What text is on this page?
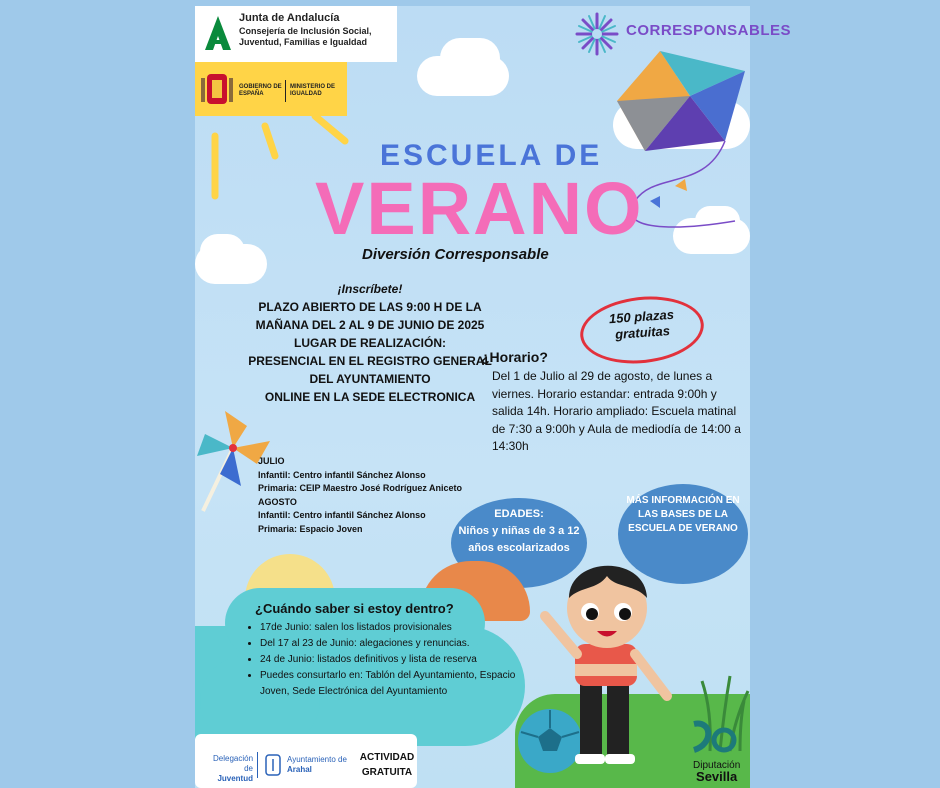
Junta de Andalucía
Consejería de Inclusión Social, Juventud, Familias e Igualdad
GOBIERNO DE ESPAÑA
MINISTERIO DE IGUALDAD
CORRESPONSABLES
ESCUELA DE
VERANO
Diversión Corresponsable
¡Inscríbete!
PLAZO ABIERTO DE LAS 9:00 H DE LA
MAÑANA DEL 2 AL 9 DE JUNIO DE 2025
LUGAR DE REALIZACIÓN:
PRESENCIAL EN EL REGISTRO GENERAL
DEL AYUNTAMIENTO
ONLINE EN LA SEDE ELECTRONICA
150 plazas gratuitas
¿Horario?
Del 1 de Julio al 29 de agosto, de lunes a viernes. Horario estandar: entrada 9:00h y salida 14h. Horario ampliado: Escuela matinal de 7:30 a 9:00h y Aula de mediodía de 14:00 a 14:30h
JULIO
Infantil: Centro infantil Sánchez Alonso
Primaria: CEIP Maestro José Rodríguez Aniceto
AGOSTO
Infantil: Centro infantil Sánchez Alonso
Primaria: Espacio Joven
EDADES:
Niños y niñas de 3 a 12 años escolarizados
MÁS INFORMACIÓN EN LAS BASES DE LA ESCUELA DE VERANO
¿Cuándo saber si estoy dentro?
• 17de Junio: salen los listados provisionales
• Del 17 al 23 de Junio: alegaciones y renuncias.
• 24 de Junio: listados definitivos y lista de reserva
• Puedes consurtarlo en: Tablón del Ayuntamiento, Espacio Joven, Sede Electrónica del Ayuntamiento
Delegación de
Juventud
Ayuntamiento de
Arahal
ACTIVIDAD GRATUITA
Diputación
Sevilla
